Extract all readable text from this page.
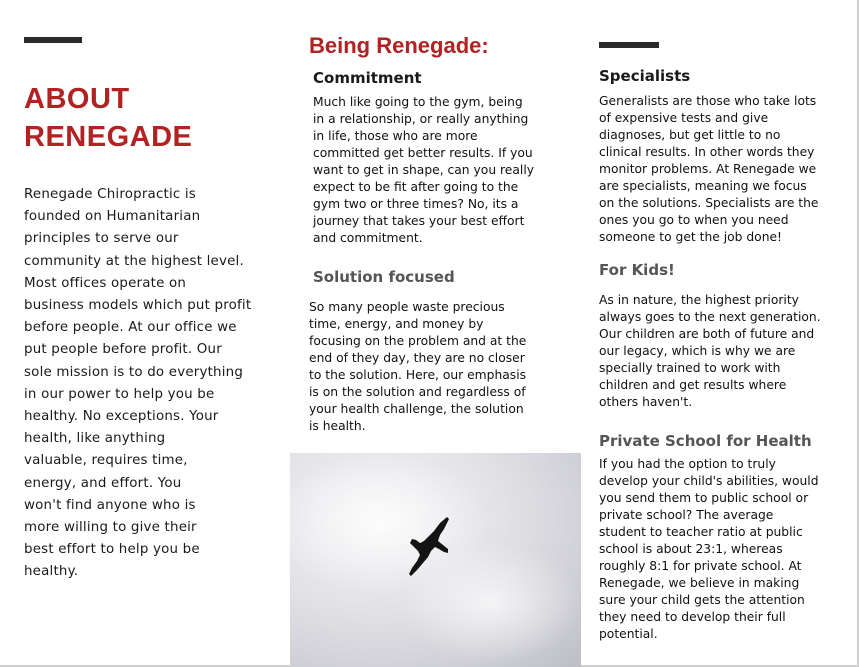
ABOUT
RENEGADE
Renegade Chiropractic is
founded on Humanitarian
principles to serve our
community at the highest level.
Most offices operate on
business models which put profit
before people. At our office we
put people before profit. Our
sole mission is to do everything
in our power to help you be
healthy. No exceptions. Your
health, like anything
valuable, requires time,
energy, and effort. You
won't find anyone who is
more willing to give their
best effort to help you be
healthy.
Being Renegade:
Commitment
Much like going to the gym, being
in a relationship, or really anything
in life, those who are more
committed get better results. If you
want to get in shape, can you really
expect to be fit after going to the
gym two or three times? No, its a
journey that takes your best effort
and commitment.
Solution focused
So many people waste precious
time, energy, and money by
focusing on the problem and at the
end of they day, they are no closer
to the solution. Here, our emphasis
is on the solution and regardless of
your health challenge, the solution
is health.
Specialists
Generalists are those who take lots
of expensive tests and give
diagnoses, but get little to no
clinical results. In other words they
monitor problems. At Renegade we
are specialists, meaning we focus
on the solutions. Specialists are the
ones you go to when you need
someone to get the job done!
For Kids!
As in nature, the highest priority
always goes to the next generation.
Our children are both of future and
our legacy, which is why we are
specially trained to work with
children and get results where
others haven't.
Private School for Health
If you had the option to truly
develop your child's abilities, would
you send them to public school or
private school? The average
student to teacher ratio at public
school is about 23:1, whereas
roughly 8:1 for private school. At
Renegade, we believe in making
sure your child gets the attention
they need to develop their full
potential.
